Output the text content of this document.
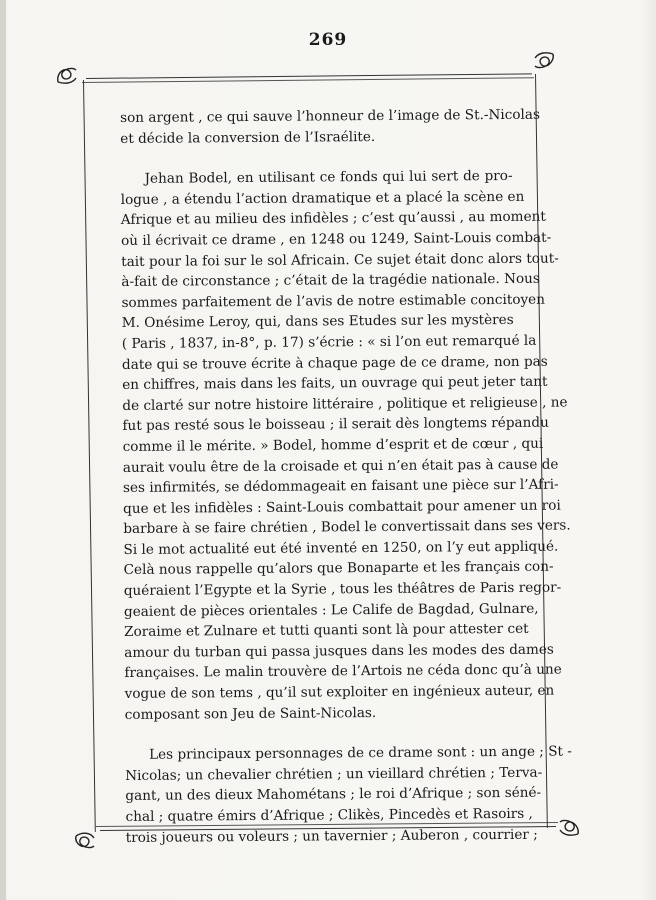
269
son argent , ce qui sauve l’honneur de l’image de St.-Nicolas
et décide la conversion de l’Israélite.
Jehan Bodel, en utilisant ce fonds qui lui sert de pro-
logue , a étendu l’action dramatique et a placé la scène en
Afrique et au milieu des infidèles ; c’est qu’aussi , au moment
où il écrivait ce drame , en 1248 ou 1249, Saint-Louis combat-
tait pour la foi sur le sol Africain. Ce sujet était donc alors tout-
à-fait de circonstance ; c’était de la tragédie nationale. Nous
sommes parfaitement de l’avis de notre estimable concitoyen
M. Onésime Leroy, qui, dans ses Etudes sur les mystères
( Paris , 1837, in-8°, p. 17) s’écrie : « si l’on eut remarqué la
date qui se trouve écrite à chaque page de ce drame, non pas
en chiffres, mais dans les faits, un ouvrage qui peut jeter tant
de clarté sur notre histoire littéraire , politique et religieuse , ne
fut pas resté sous le boisseau ; il serait dès longtems répandu
comme il le mérite. » Bodel, homme d’esprit et de cœur , qui
aurait voulu être de la croisade et qui n’en était pas à cause de
ses infirmités, se dédommageait en faisant une pièce sur l’Afri-
que et les infidèles : Saint-Louis combattait pour amener un roi
barbare à se faire chrétien , Bodel le convertissait dans ses vers.
Si le mot actualité eut été inventé en 1250, on l’y eut appliqué.
Celà nous rappelle qu’alors que Bonaparte et les français con-
quéraient l’Egypte et la Syrie , tous les théâtres de Paris regor-
geaient de pièces orientales : Le Calife de Bagdad, Gulnare,
Zoraime et Zulnare et tutti quanti sont là pour attester cet
amour du turban qui passa jusques dans les modes des dames
françaises. Le malin trouvère de l’Artois ne céda donc qu’à une
vogue de son tems , qu’il sut exploiter en ingénieux auteur, en
composant son Jeu de Saint-Nicolas.
Les principaux personnages de ce drame sont : un ange ; St -
Nicolas; un chevalier chrétien ; un vieillard chrétien ; Terva-
gant, un des dieux Mahométans ; le roi d’Afrique ; son séné-
chal ; quatre émirs d’Afrique ; Clikès, Pincedès et Rasoirs ,
trois joueurs ou voleurs ; un tavernier ; Auberon , courrier ;
